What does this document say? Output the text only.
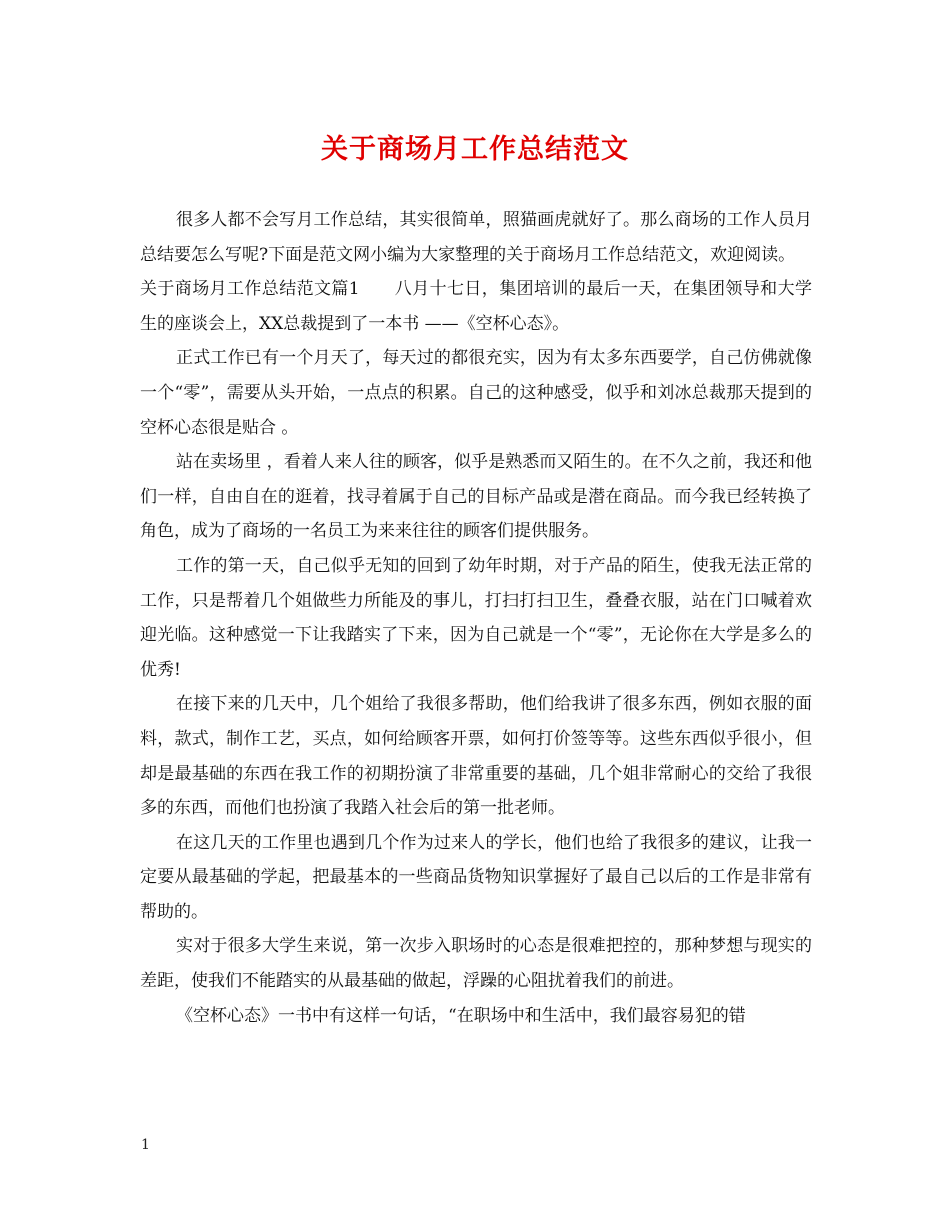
关于商场月工作总结范文

很多人都不会写月工作总结，其实很简单，照猫画虎就好了。那么商场的工作人员月总结要怎么写呢?下面是范文网小编为大家整理的关于商场月工作总结范文，欢迎阅读。

关于商场月工作总结范文篇1　　八月十七日，集团培训的最后一天，在集团领导和大学生的座谈会上，XX总裁提到了一本书 ——《空杯心态》。

正式工作已有一个月天了，每天过的都很充实，因为有太多东西要学，自己仿佛就像一个“零”，需要从头开始，一点点的积累。自己的这种感受，似乎和刘冰总裁那天提到的空杯心态很是贴合 。

站在卖场里 ，看着人来人往的顾客，似乎是熟悉而又陌生的。在不久之前，我还和他们一样，自由自在的逛着，找寻着属于自己的目标产品或是潜在商品。而今我已经转换了角色，成为了商场的一名员工为来来往往的顾客们提供服务。

工作的第一天，自己似乎无知的回到了幼年时期，对于产品的陌生，使我无法正常的工作，只是帮着几个姐做些力所能及的事儿，打扫打扫卫生，叠叠衣服，站在门口喊着欢迎光临。这种感觉一下让我踏实了下来，因为自己就是一个“零”，无论你在大学是多么的优秀!

在接下来的几天中，几个姐给了我很多帮助，他们给我讲了很多东西，例如衣服的面料，款式，制作工艺，买点，如何给顾客开票，如何打价签等等。这些东西似乎很小，但却是最基础的东西在我工作的初期扮演了非常重要的基础，几个姐非常耐心的交给了我很多的东西，而他们也扮演了我踏入社会后的第一批老师。

在这几天的工作里也遇到几个作为过来人的学长，他们也给了我很多的建议，让我一定要从最基础的学起，把最基本的一些商品货物知识掌握好了最自己以后的工作是非常有帮助的。

实对于很多大学生来说，第一次步入职场时的心态是很难把控的，那种梦想与现实的差距，使我们不能踏实的从最基础的做起，浮躁的心阻扰着我们的前进。

《空杯心态》一书中有这样一句话，“在职场中和生活中，我们最容易犯的错

1
